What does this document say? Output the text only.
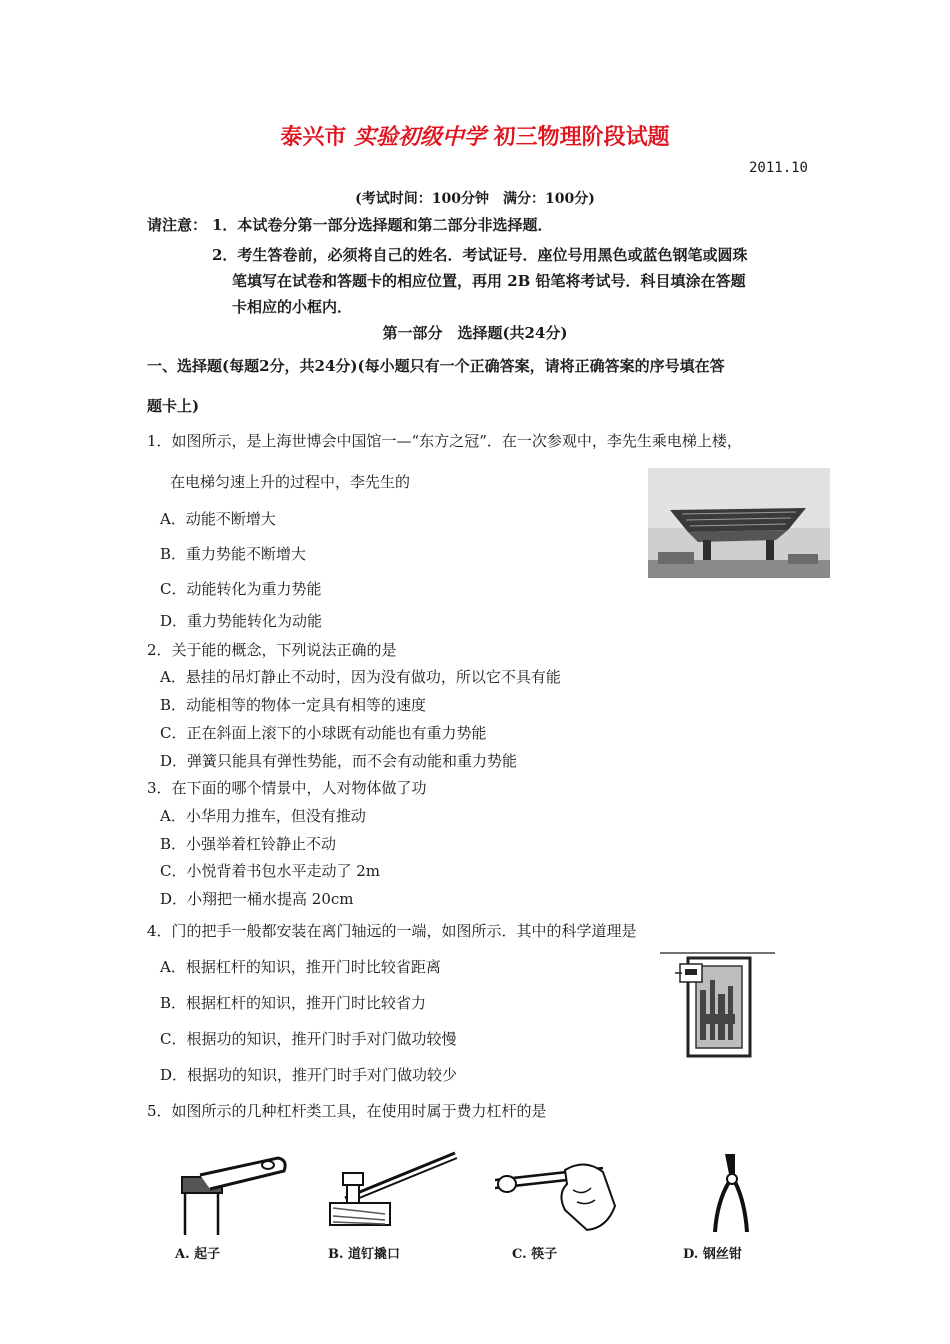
泰兴市 实验初级中学 初三物理阶段试题
2011.10
(考试时间：100分钟　满分：100分)
请注意： 1．本试卷分第一部分选择题和第二部分非选择题．
2．考生答卷前，必须将自己的姓名．考试证号．座位号用黑色或蓝色钢笔或圆珠
笔填写在试卷和答题卡的相应位置，再用 2B 铅笔将考试号．科目填涂在答题
卡相应的小框内．
第一部分　选择题(共24分)
一、选择题(每题2分，共24分)(每小题只有一个正确答案，请将正确答案的序号填在答
题卡上)
1．如图所示，是上海世博会中国馆一—“东方之冠”．在一次参观中，李先生乘电梯上楼，
在电梯匀速上升的过程中，李先生的
A．动能不断增大
B．重力势能不断增大
C．动能转化为重力势能
D．重力势能转化为动能
2．关于能的概念，下列说法正确的是
A．悬挂的吊灯静止不动时，因为没有做功，所以它不具有能
B．动能相等的物体一定具有相等的速度
C．正在斜面上滚下的小球既有动能也有重力势能
D．弹簧只能具有弹性势能，而不会有动能和重力势能
3．在下面的哪个情景中，人对物体做了功
A．小华用力推车，但没有推动
B．小强举着杠铃静止不动
C．小悦背着书包水平走动了 2m
D．小翔把一桶水提高 20cm
4．门的把手一般都安装在离门轴远的一端，如图所示．其中的科学道理是
A．根据杠杆的知识，推开门时比较省距离
B．根据杠杆的知识，推开门时比较省力
C．根据功的知识，推开门时手对门做功较慢
D．根据功的知识，推开门时手对门做功较少
5．如图所示的几种杠杆类工具，在使用时属于费力杠杆的是
A. 起子	B. 道钉撬口	C. 筷子	D. 钢丝钳
